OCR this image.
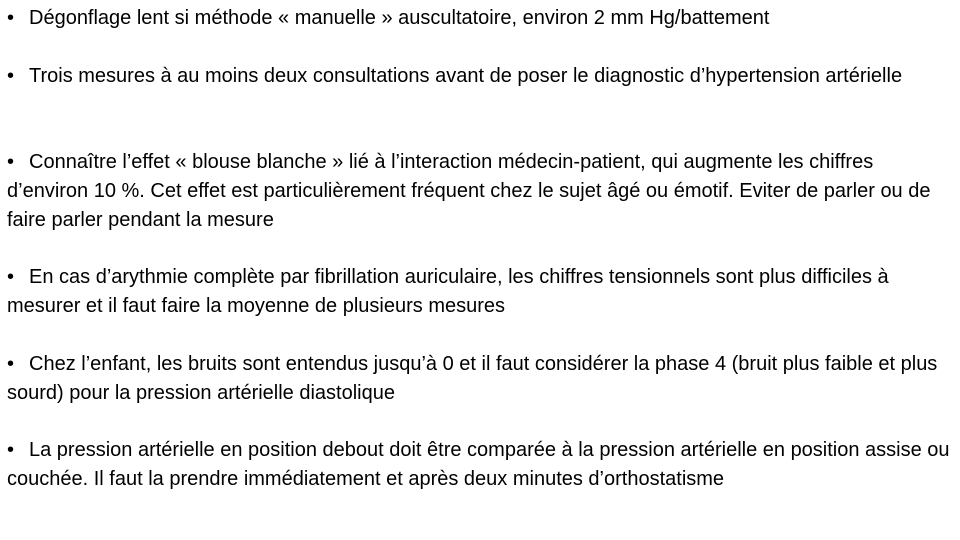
• Dégonflage lent si méthode « manuelle » auscultatoire, environ 2 mm Hg/battement

• Trois mesures à au moins deux consultations avant de poser le diagnostic d’hypertension artérielle

• Connaître l’effet « blouse blanche » lié à l’interaction médecin-patient, qui augmente les chiffres d’environ 10 %. Cet effet est particulièrement fréquent chez le sujet âgé ou émotif. Eviter de parler ou de faire parler pendant la mesure

• En cas d’arythmie complète par fibrillation auriculaire, les chiffres tensionnels sont plus difficiles à mesurer et il faut faire la moyenne de plusieurs mesures

• Chez l’enfant, les bruits sont entendus jusqu’à 0 et il faut considérer la phase 4 (bruit plus faible et plus sourd) pour la pression artérielle diastolique

• La pression artérielle en position debout doit être comparée à la pression artérielle en position assise ou couchée. Il faut la prendre immédiatement et après deux minutes d’orthostatisme
